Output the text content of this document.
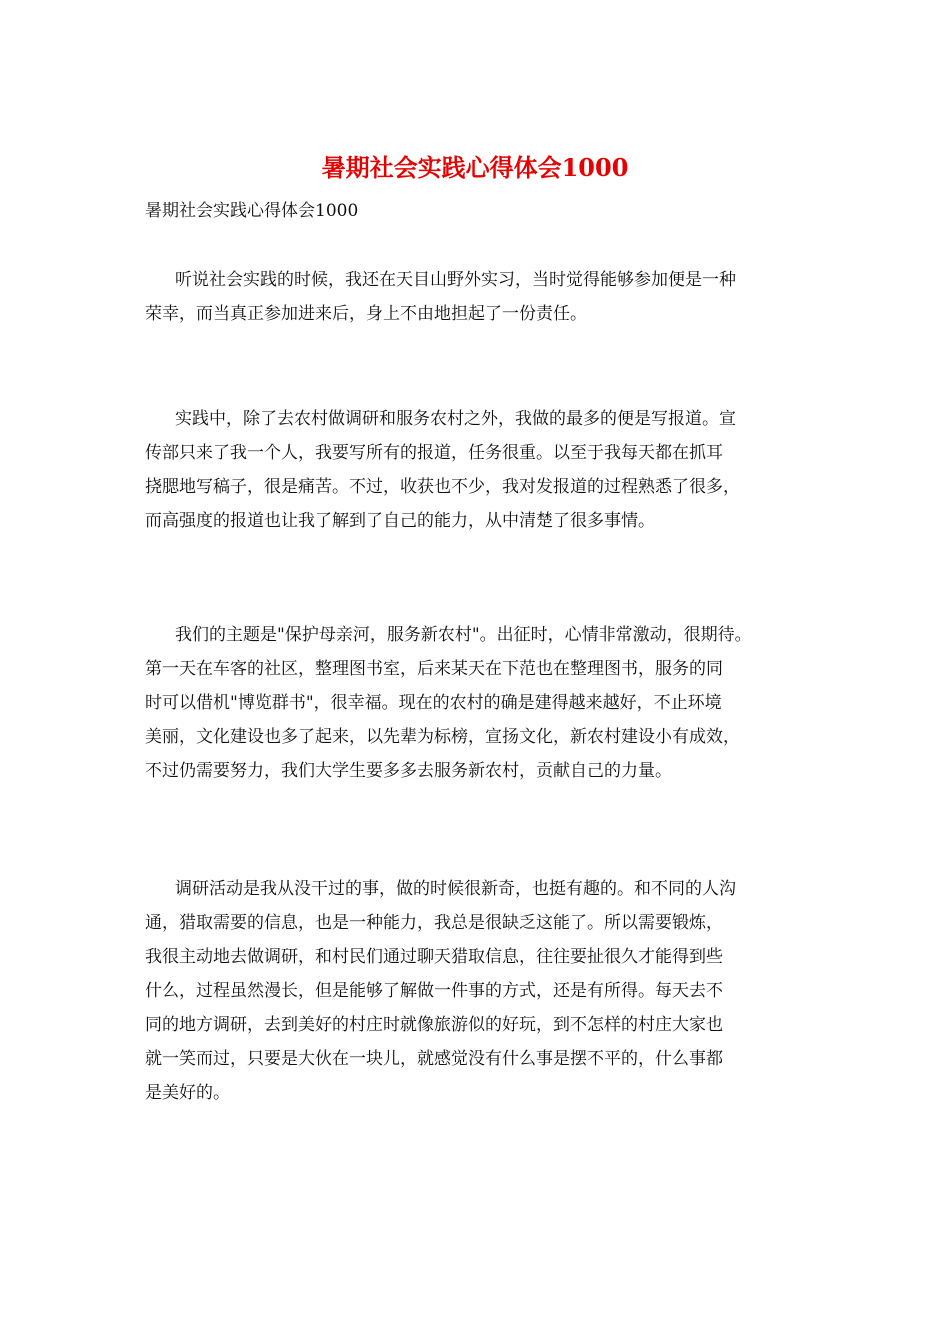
暑期社会实践心得体会1000

暑期社会实践心得体会1000

听说社会实践的时候，我还在天目山野外实习，当时觉得能够参加便是一种
荣幸，而当真正参加进来后，身上不由地担起了一份责任。

实践中，除了去农村做调研和服务农村之外，我做的最多的便是写报道。宣
传部只来了我一个人，我要写所有的报道，任务很重。以至于我每天都在抓耳
挠腮地写稿子，很是痛苦。不过，收获也不少，我对发报道的过程熟悉了很多，
而高强度的报道也让我了解到了自己的能力，从中清楚了很多事情。

我们的主题是"保护母亲河，服务新农村"。出征时，心情非常激动，很期待。
第一天在车客的社区，整理图书室，后来某天在下范也在整理图书，服务的同
时可以借机"博览群书"，很幸福。现在的农村的确是建得越来越好，不止环境
美丽，文化建设也多了起来，以先辈为标榜，宣扬文化，新农村建设小有成效，
不过仍需要努力，我们大学生要多多去服务新农村，贡献自己的力量。

调研活动是我从没干过的事，做的时候很新奇，也挺有趣的。和不同的人沟
通，猎取需要的信息，也是一种能力，我总是很缺乏这能了。所以需要锻炼，
我很主动地去做调研，和村民们通过聊天猎取信息，往往要扯很久才能得到些
什么，过程虽然漫长，但是能够了解做一件事的方式，还是有所得。每天去不
同的地方调研，去到美好的村庄时就像旅游似的好玩，到不怎样的村庄大家也
就一笑而过，只要是大伙在一块儿，就感觉没有什么事是摆不平的，什么事都
是美好的。
